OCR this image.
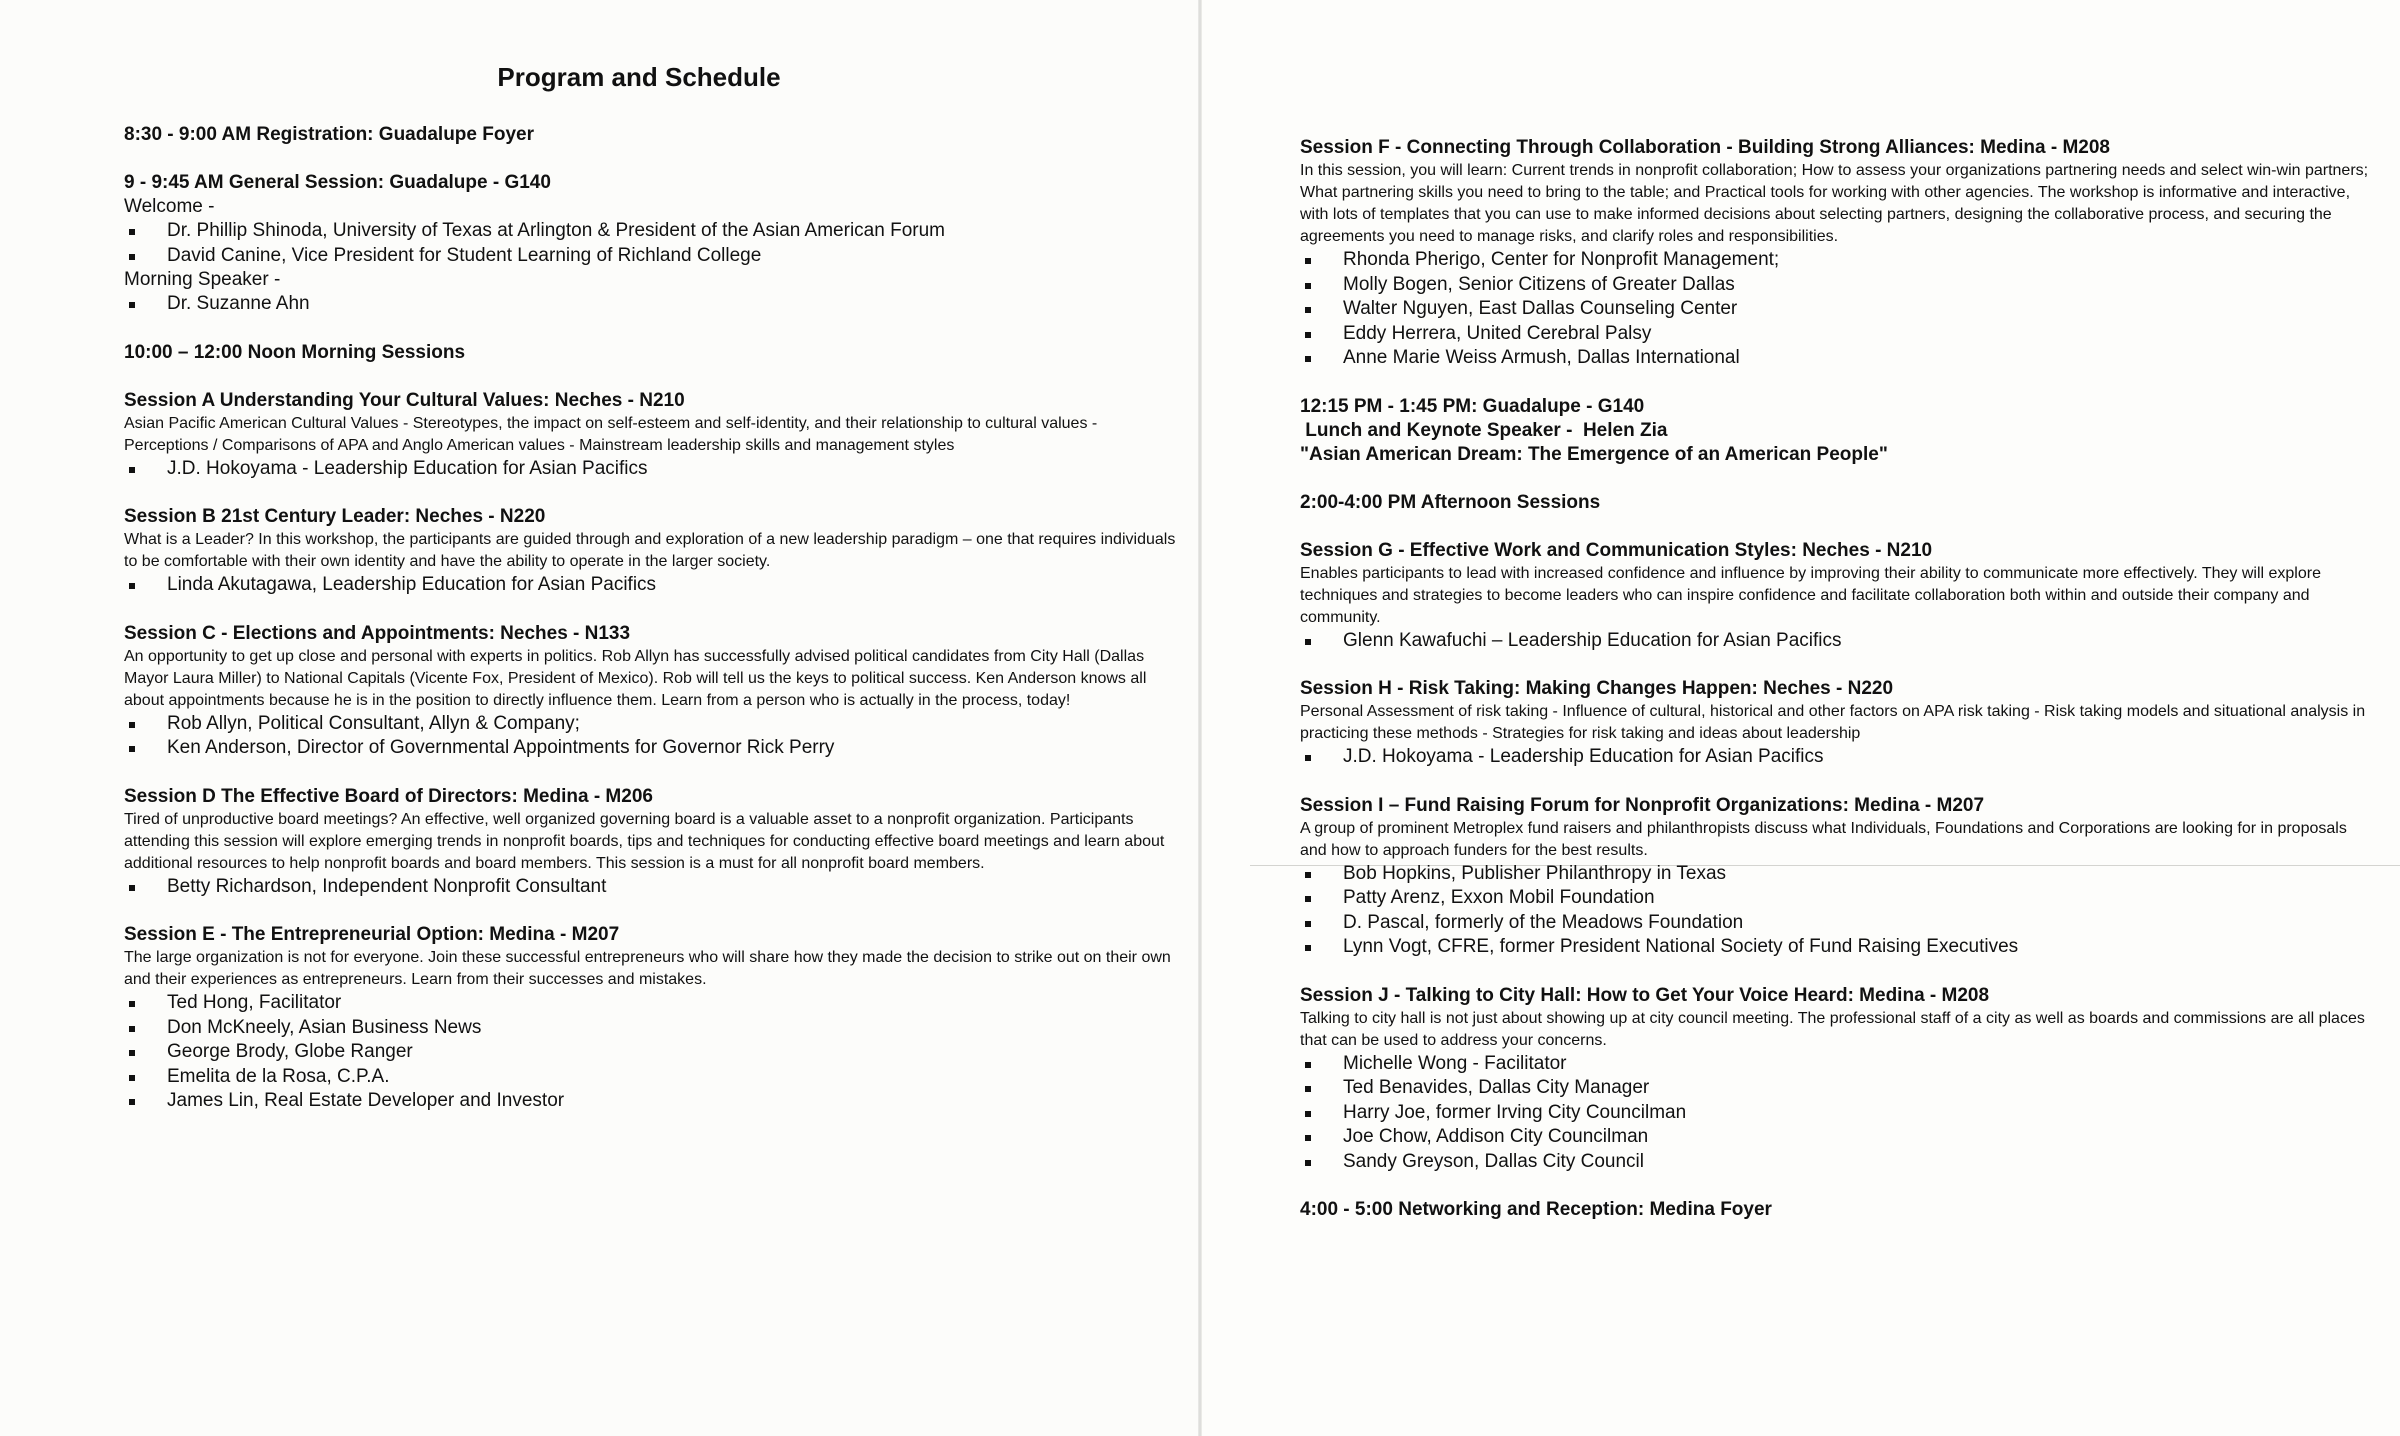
Program and Schedule

8:30 - 9:00 AM Registration: Guadalupe Foyer

9 - 9:45 AM General Session: Guadalupe - G140

Welcome -

Dr. Phillip Shinoda, University of Texas at Arlington & President of the Asian American Forum
David Canine, Vice President for Student Learning of Richland College

Morning Speaker -

Dr. Suzanne Ahn

10:00 – 12:00 Noon Morning Sessions

Session A Understanding Your Cultural Values: Neches - N210

Asian Pacific American Cultural Values - Stereotypes, the impact on self-esteem and self-identity, and their relationship to cultural values - Perceptions / Comparisons of APA and Anglo American values - Mainstream leadership skills and management styles

J.D. Hokoyama - Leadership Education for Asian Pacifics

Session B 21st Century Leader: Neches - N220

What is a Leader? In this workshop, the participants are guided through and exploration of a new leadership paradigm – one that requires individuals to be comfortable with their own identity and have the ability to operate in the larger society.

Linda Akutagawa, Leadership Education for Asian Pacifics

Session C - Elections and Appointments: Neches - N133

An opportunity to get up close and personal with experts in politics. Rob Allyn has successfully advised political candidates from City Hall (Dallas Mayor Laura Miller) to National Capitals (Vicente Fox, President of Mexico). Rob will tell us the keys to political success. Ken Anderson knows all about appointments because he is in the position to directly influence them. Learn from a person who is actually in the process, today!

Rob Allyn, Political Consultant, Allyn & Company;
Ken Anderson, Director of Governmental Appointments for Governor Rick Perry

Session D The Effective Board of Directors: Medina - M206

Tired of unproductive board meetings? An effective, well organized governing board is a valuable asset to a nonprofit organization. Participants attending this session will explore emerging trends in nonprofit boards, tips and techniques for conducting effective board meetings and learn about additional resources to help nonprofit boards and board members. This session is a must for all nonprofit board members.

Betty Richardson, Independent Nonprofit Consultant

Session E - The Entrepreneurial Option: Medina - M207

The large organization is not for everyone. Join these successful entrepreneurs who will share how they made the decision to strike out on their own and their experiences as entrepreneurs. Learn from their successes and mistakes.

Ted Hong, Facilitator
Don McKneely, Asian Business News
George Brody, Globe Ranger
Emelita de la Rosa, C.P.A.
James Lin, Real Estate Developer and Investor

Session F - Connecting Through Collaboration - Building Strong Alliances: Medina - M208

In this session, you will learn: Current trends in nonprofit collaboration; How to assess your organizations partnering needs and select win-win partners; What partnering skills you need to bring to the table; and Practical tools for working with other agencies. The workshop is informative and interactive, with lots of templates that you can use to make informed decisions about selecting partners, designing the collaborative process, and securing the agreements you need to manage risks, and clarify roles and responsibilities.

Rhonda Pherigo, Center for Nonprofit Management;
Molly Bogen, Senior Citizens of Greater Dallas
Walter Nguyen, East Dallas Counseling Center
Eddy Herrera, United Cerebral Palsy
Anne Marie Weiss Armush, Dallas International

12:15 PM - 1:45 PM: Guadalupe - G140

Lunch and Keynote Speaker -  Helen Zia

"Asian American Dream: The Emergence of an American People"

2:00-4:00 PM Afternoon Sessions

Session G - Effective Work and Communication Styles: Neches - N210

Enables participants to lead with increased confidence and influence by improving their ability to communicate more effectively. They will explore techniques and strategies to become leaders who can inspire confidence and facilitate collaboration both within and outside their company and community.

Glenn Kawafuchi – Leadership Education for Asian Pacifics

Session H - Risk Taking: Making Changes Happen: Neches - N220

Personal Assessment of risk taking - Influence of cultural, historical and other factors on APA risk taking - Risk taking models and situational analysis in practicing these methods - Strategies for risk taking and ideas about leadership

J.D. Hokoyama - Leadership Education for Asian Pacifics

Session I – Fund Raising Forum for Nonprofit Organizations: Medina - M207

A group of prominent Metroplex fund raisers and philanthropists discuss what Individuals, Foundations and Corporations are looking for in proposals and how to approach funders for the best results.

Bob Hopkins, Publisher Philanthropy in Texas
Patty Arenz, Exxon Mobil Foundation
D. Pascal, formerly of the Meadows Foundation
Lynn Vogt, CFRE, former President National Society of Fund Raising Executives

Session J - Talking to City Hall: How to Get Your Voice Heard: Medina - M208

Talking to city hall is not just about showing up at city council meeting. The professional staff of a city as well as boards and commissions are all places that can be used to address your concerns.

Michelle Wong - Facilitator
Ted Benavides, Dallas City Manager
Harry Joe, former Irving City Councilman
Joe Chow, Addison City Councilman
Sandy Greyson, Dallas City Council

4:00 - 5:00 Networking and Reception: Medina Foyer
